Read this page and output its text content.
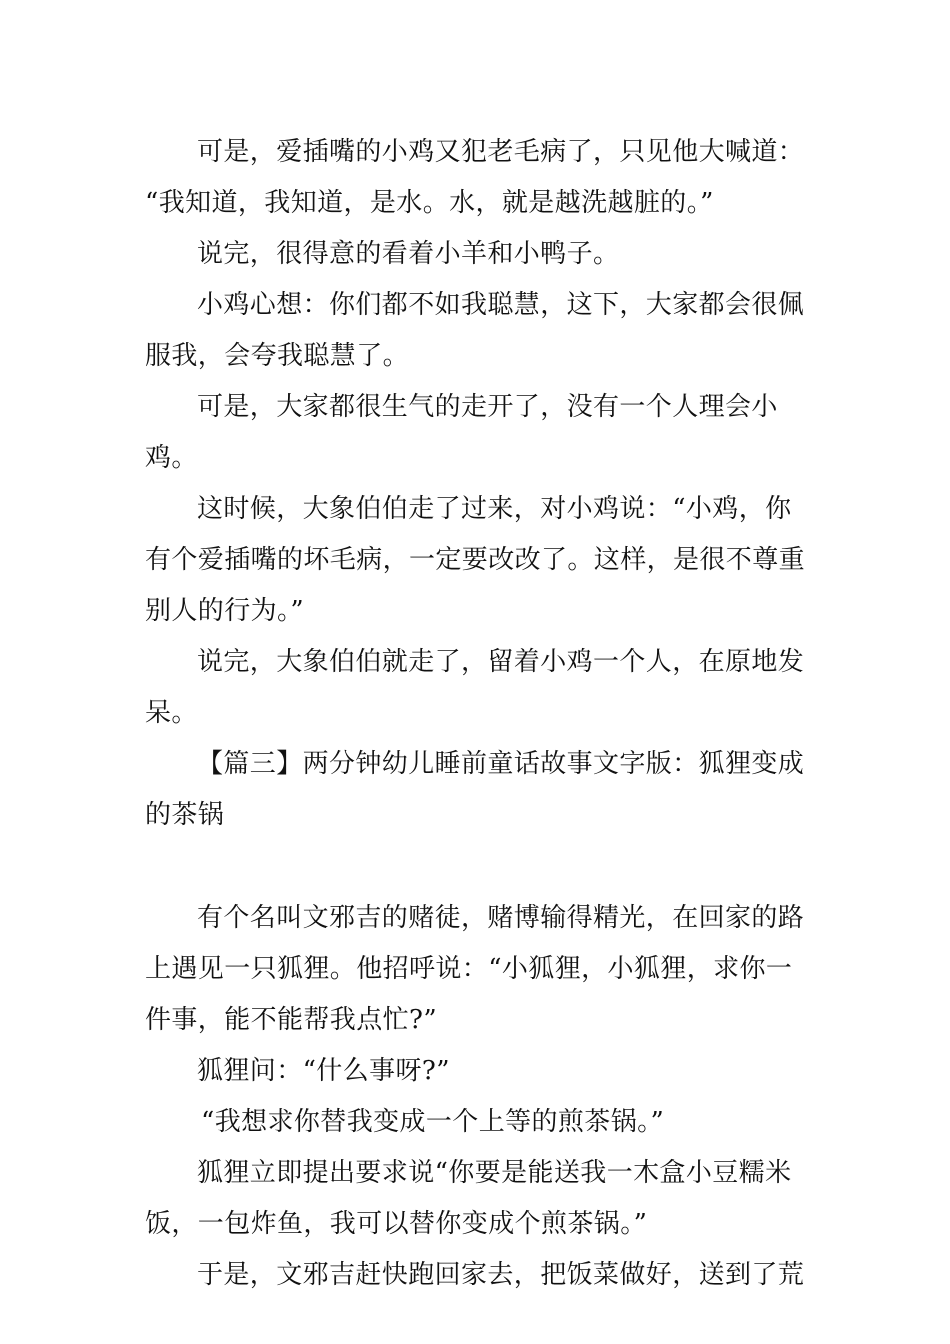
可是，爱插嘴的小鸡又犯老毛病了，只见他大喊道：

“我知道，我知道，是水。水，就是越洗越脏的。”

说完，很得意的看着小羊和小鸭子。

小鸡心想：你们都不如我聪慧，这下，大家都会很佩服我，会夸我聪慧了。

可是，大家都很生气的走开了，没有一个人理会小鸡。

这时候，大象伯伯走了过来，对小鸡说：“小鸡，你有个爱插嘴的坏毛病，一定要改改了。这样，是很不尊重别人的行为。”

说完，大象伯伯就走了，留着小鸡一个人，在原地发呆。

【篇三】两分钟幼儿睡前童话故事文字版：狐狸变成的茶锅

有个名叫文邪吉的赌徒，赌博输得精光，在回家的路上遇见一只狐狸。他招呼说：“小狐狸，小狐狸，求你一件事，能不能帮我点忙?”

狐狸问：“什么事呀?”

“我想求你替我变成一个上等的煎茶锅。”

狐狸立即提出要求说“你要是能送我一木盒小豆糯米饭，一包炸鱼，我可以替你变成个煎茶锅。”

于是，文邪吉赶快跑回家去，把饭菜做好，送到了荒
